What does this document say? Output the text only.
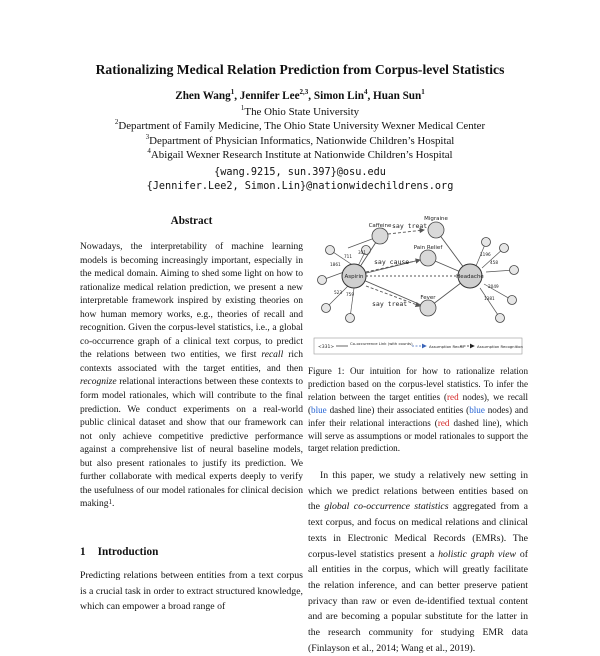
Rationalizing Medical Relation Prediction from Corpus-level Statistics
Zhen Wang$^1$, Jennifer Lee$^{2,3}$, Simon Lin$^4$, Huan Sun$^1$
$^1$The Ohio State University
$^2$Department of Family Medicine, The Ohio State University Wexner Medical Center
$^3$Department of Physician Informatics, Nationwide Children’s Hospital
$^4$Abigail Wexner Research Institute at Nationwide Children’s Hospital
{wang.9215, sun.397}@osu.edu
{Jennifer.Lee2, Simon.Lin}@nationwidechildrens.org
Abstract
Nowadays, the interpretability of machine learning models is becoming increasingly important, especially in the medical domain. Aiming to shed some light on how to rationalize medical relation prediction, we present a new interpretable framework inspired by existing theories on how human memory works, e.g., theories of recall and recognition. Given the corpus-level statistics, i.e., a global co-occurrence graph of a clinical text corpus, to predict the relations between two entities, we first recall rich contexts associated with the target entities, and then recognize relational interactions between these contexts to form model rationales, which will contribute to the final prediction. We conduct experiments on a real-world public clinical dataset and show that our framework can not only achieve competitive predictive performance against a comprehensive list of neural baseline models, but also present rationales to justify its prediction. We further collaborate with medical experts deeply to verify the usefulness of our model rationales for clinical decision making$^1$.
1 Introduction
Predicting relations between entities from a text corpus is a crucial task in order to extract structured knowledge, which can empower a broad range of
Caffeine
Migraine
Pain Relief
Fever
Aspirin	Headache
say treat
say cause
say treat
331
1861
711
523 759
1196
458
2049
1381
<331>
Co-occurrence Link (with counts)
Assumption Recall	Assumption Recognition
Figure 1: Our intuition for how to rationalize relation prediction based on the corpus-level statistics. To infer the relation between the target entities (red nodes), we recall (blue dashed line) their associated entities (blue nodes) and infer their relational interactions (red dashed line), which will serve as assumptions or model rationales to support the target relation prediction.
In this paper, we study a relatively new setting in which we predict relations between entities based on the global co-occurrence statistics aggregated from a text corpus, and focus on medical relations and clinical texts in Electronic Medical Records (EMRs). The corpus-level statistics present a holistic graph view of all entities in the corpus, which will greatly facilitate the relation inference, and can better preserve patient privacy than raw or even de-identified textual content and are becoming a popular substitute for the latter in the research community for studying EMR data (Finlayson et al., 2014; Wang et al., 2019).
